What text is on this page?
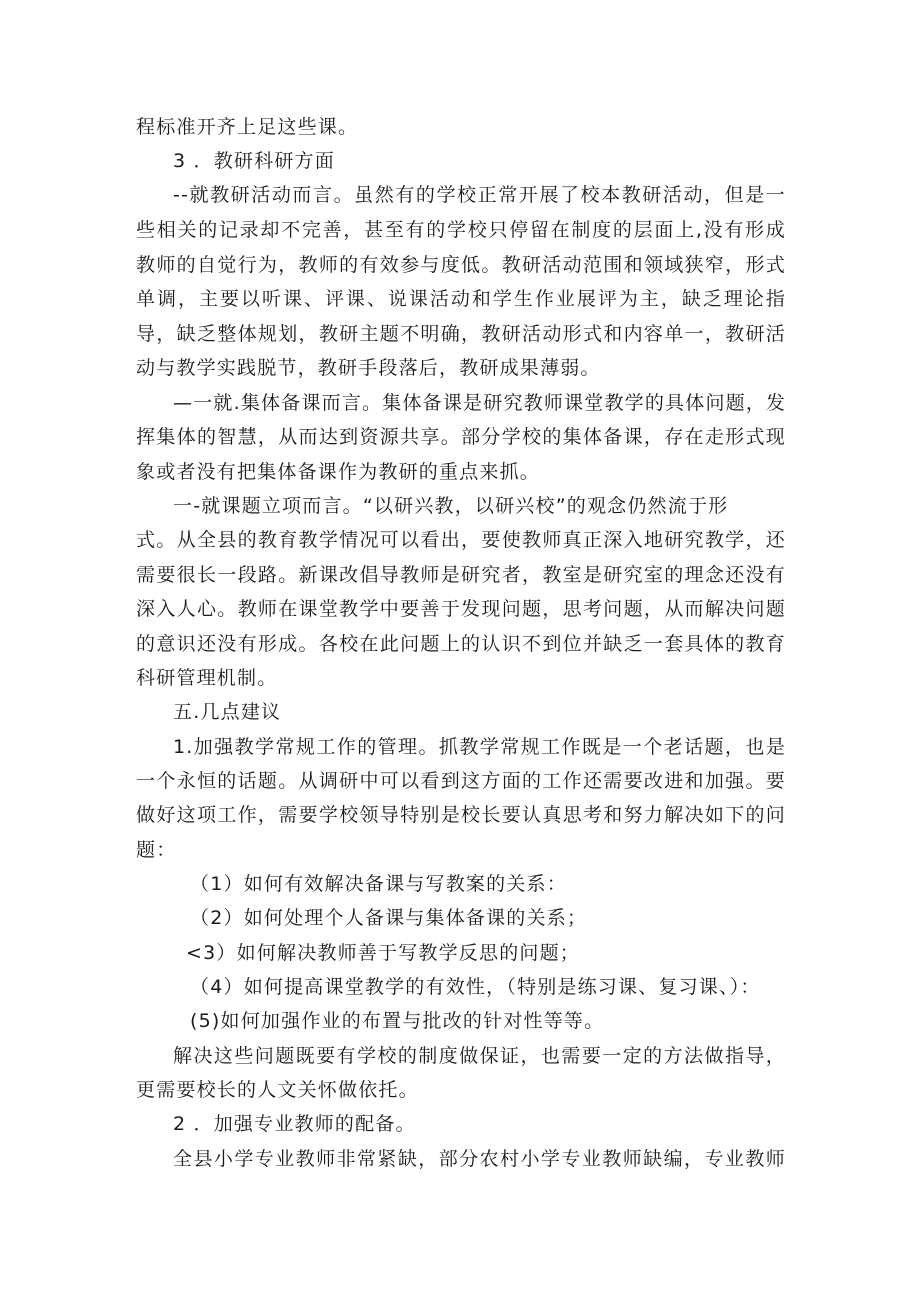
程标准开齐上足这些课。
3 ．教研科研方面
--就教研活动而言。虽然有的学校正常开展了校本教研活动，但是一
些相关的记录却不完善，甚至有的学校只停留在制度的层面上,没有形成
教师的自觉行为，教师的有效参与度低。教研活动范围和领域狭窄，形式
单调，主要以听课、评课、说课活动和学生作业展评为主，缺乏理论指
导，缺乏整体规划，教研主题不明确，教研活动形式和内容单一，教研活
动与教学实践脱节，教研手段落后，教研成果薄弱。
—一就.集体备课而言。集体备课是研究教师课堂教学的具体问题，发
挥集体的智慧，从而达到资源共享。部分学校的集体备课，存在走形式现
象或者没有把集体备课作为教研的重点来抓。
一-就课题立项而言。“以研兴教，以研兴校”的观念仍然流于形
式。从全县的教育教学情况可以看出，要使教师真正深入地研究教学，还
需要很长一段路。新课改倡导教师是研究者，教室是研究室的理念还没有
深入人心。教师在课堂教学中要善于发现问题，思考问题，从而解决问题
的意识还没有形成。各校在此问题上的认识不到位并缺乏一套具体的教育
科研管理机制。
五.几点建议
1.加强教学常规工作的管理。抓教学常规工作既是一个老话题，也是
一个永恒的话题。从调研中可以看到这方面的工作还需要改进和加强。要
做好这项工作，需要学校领导特别是校长要认真思考和努力解决如下的问
题：
（1）如何有效解决备课与写教案的关系：
（2）如何处理个人备课与集体备课的关系；
<3）如何解决教师善于写教学反思的问题；
（4）如何提高课堂教学的有效性，（特别是练习课、复习课、）：
(5)如何加强作业的布置与批改的针对性等等。
解决这些问题既要有学校的制度做保证，也需要一定的方法做指导，
更需要校长的人文关怀做依托。
2 ．加强专业教师的配备。
全县小学专业教师非常紧缺，部分农村小学专业教师缺编，专业教师
